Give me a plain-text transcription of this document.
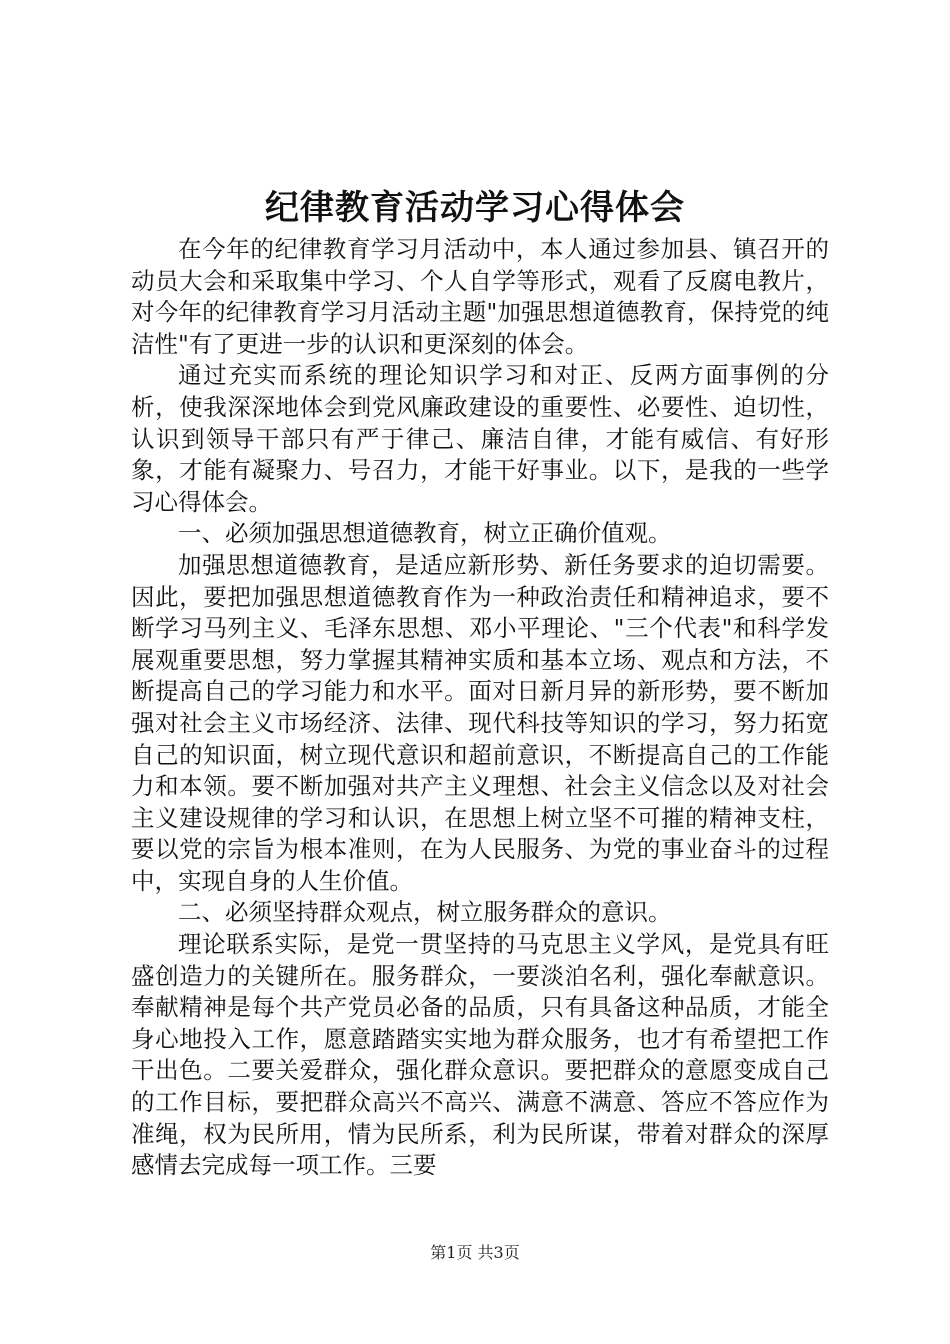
纪律教育活动学习心得体会

在今年的纪律教育学习月活动中，本人通过参加县、镇召开的动员大会和采取集中学习、个人自学等形式，观看了反腐电教片，对今年的纪律教育学习月活动主题"加强思想道德教育，保持党的纯洁性"有了更进一步的认识和更深刻的体会。

通过充实而系统的理论知识学习和对正、反两方面事例的分析，使我深深地体会到党风廉政建设的重要性、必要性、迫切性，认识到领导干部只有严于律己、廉洁自律，才能有威信、有好形象，才能有凝聚力、号召力，才能干好事业。以下，是我的一些学习心得体会。

一、必须加强思想道德教育，树立正确价值观。

加强思想道德教育，是适应新形势、新任务要求的迫切需要。因此，要把加强思想道德教育作为一种政治责任和精神追求，要不断学习马列主义、毛泽东思想、邓小平理论、"三个代表"和科学发展观重要思想，努力掌握其精神实质和基本立场、观点和方法，不断提高自己的学习能力和水平。面对日新月异的新形势，要不断加强对社会主义市场经济、法律、现代科技等知识的学习，努力拓宽自己的知识面，树立现代意识和超前意识，不断提高自己的工作能力和本领。要不断加强对共产主义理想、社会主义信念以及对社会主义建设规律的学习和认识，在思想上树立坚不可摧的精神支柱，要以党的宗旨为根本准则，在为人民服务、为党的事业奋斗的过程中，实现自身的人生价值。

二、必须坚持群众观点，树立服务群众的意识。

理论联系实际，是党一贯坚持的马克思主义学风，是党具有旺盛创造力的关键所在。服务群众，一要淡泊名利，强化奉献意识。奉献精神是每个共产党员必备的品质，只有具备这种品质，才能全身心地投入工作，愿意踏踏实实地为群众服务，也才有希望把工作干出色。二要关爱群众，强化群众意识。要把群众的意愿变成自己的工作目标，要把群众高兴不高兴、满意不满意、答应不答应作为准绳，权为民所用，情为民所系，利为民所谋，带着对群众的深厚感情去完成每一项工作。三要

第1页 共3页
